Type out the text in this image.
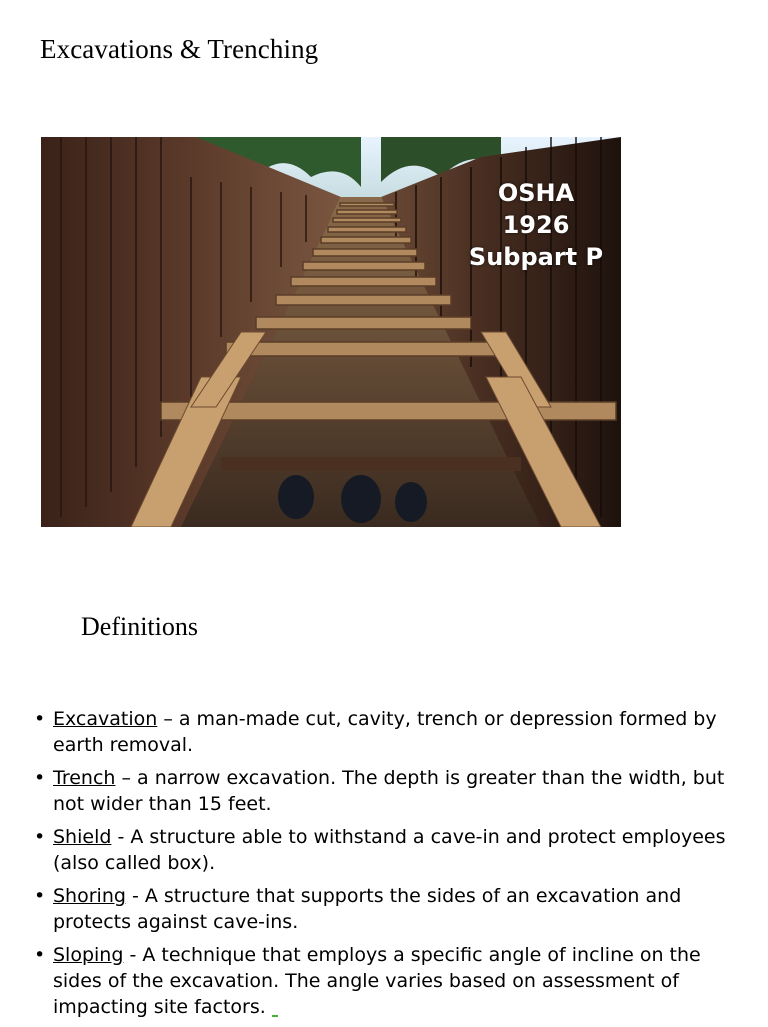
Excavations & Trenching
OSHA
1926
Subpart P
Definitions
• Excavation – a man-made cut, cavity, trench or depression formed by earth removal.
• Trench – a narrow excavation. The depth is greater than the width, but not wider than 15 feet.
• Shield - A structure able to withstand a cave-in and protect employees (also called box).
• Shoring - A structure that supports the sides of an excavation and protects against cave-ins.
• Sloping - A technique that employs a specific angle of incline on the sides of the excavation. The angle varies based on assessment of impacting site factors.
